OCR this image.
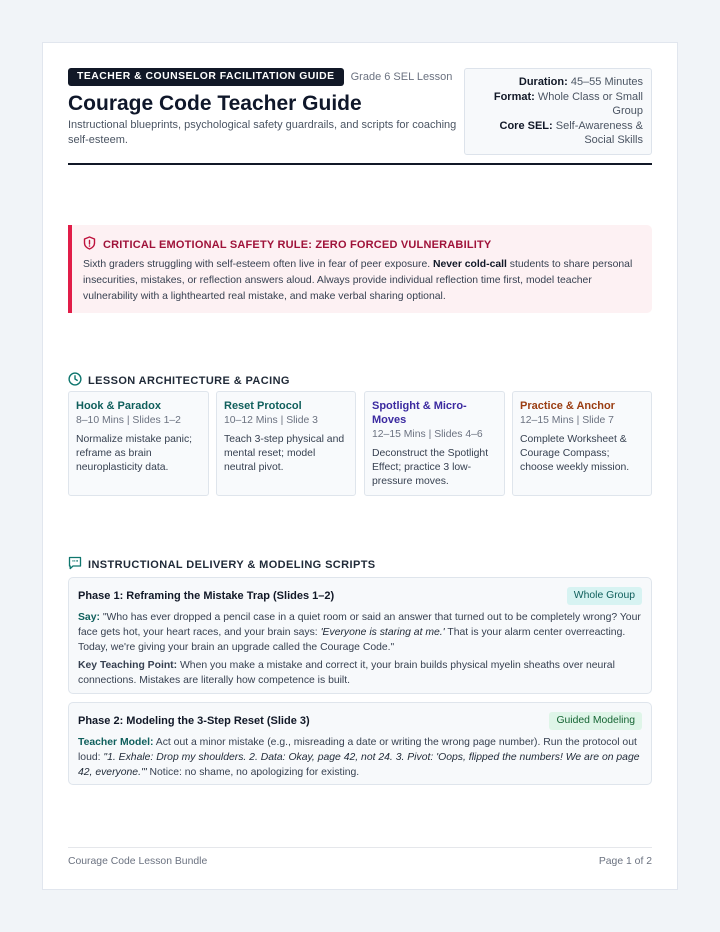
TEACHER & COUNSELOR FACILITATION GUIDE	Grade 6 SEL Lesson
Courage Code Teacher Guide
Instructional blueprints, psychological safety guardrails, and scripts for coaching self-esteem.
Duration: 45–55 Minutes
Format: Whole Class or Small Group
Core SEL: Self-Awareness & Social Skills
CRITICAL EMOTIONAL SAFETY RULE: ZERO FORCED VULNERABILITY
Sixth graders struggling with self-esteem often live in fear of peer exposure. Never cold-call students to share personal insecurities, mistakes, or reflection answers aloud. Always provide individual reflection time first, model teacher vulnerability with a lighthearted real mistake, and make verbal sharing optional.
LESSON ARCHITECTURE & PACING
Hook & Paradox
8–10 Mins | Slides 1–2
Normalize mistake panic; reframe as brain neuroplasticity data.
Reset Protocol
10–12 Mins | Slide 3
Teach 3-step physical and mental reset; model neutral pivot.
Spotlight & Micro-Moves
12–15 Mins | Slides 4–6
Deconstruct the Spotlight Effect; practice 3 low-pressure moves.
Practice & Anchor
12–15 Mins | Slide 7
Complete Worksheet & Courage Compass; choose weekly mission.
" " INSTRUCTIONAL DELIVERY & MODELING SCRIPTS
Phase 1: Reframing the Mistake Trap (Slides 1–2)	Whole Group
Say: "Who has ever dropped a pencil case in a quiet room or said an answer that turned out to be completely wrong? Your face gets hot, your heart races, and your brain says: 'Everyone is staring at me.' That is your alarm center overreacting. Today, we're giving your brain an upgrade called the Courage Code."
Key Teaching Point: When you make a mistake and correct it, your brain builds physical myelin sheaths over neural connections. Mistakes are literally how competence is built.
Phase 2: Modeling the 3-Step Reset (Slide 3)	Guided Modeling
Teacher Model: Act out a minor mistake (e.g., misreading a date or writing the wrong page number). Run the protocol out loud: "1. Exhale: Drop my shoulders. 2. Data: Okay, page 42, not 24. 3. Pivot: 'Oops, flipped the numbers! We are on page 42, everyone.'" Notice: no shame, no apologizing for existing.
Courage Code Lesson Bundle	Page 1 of 2
